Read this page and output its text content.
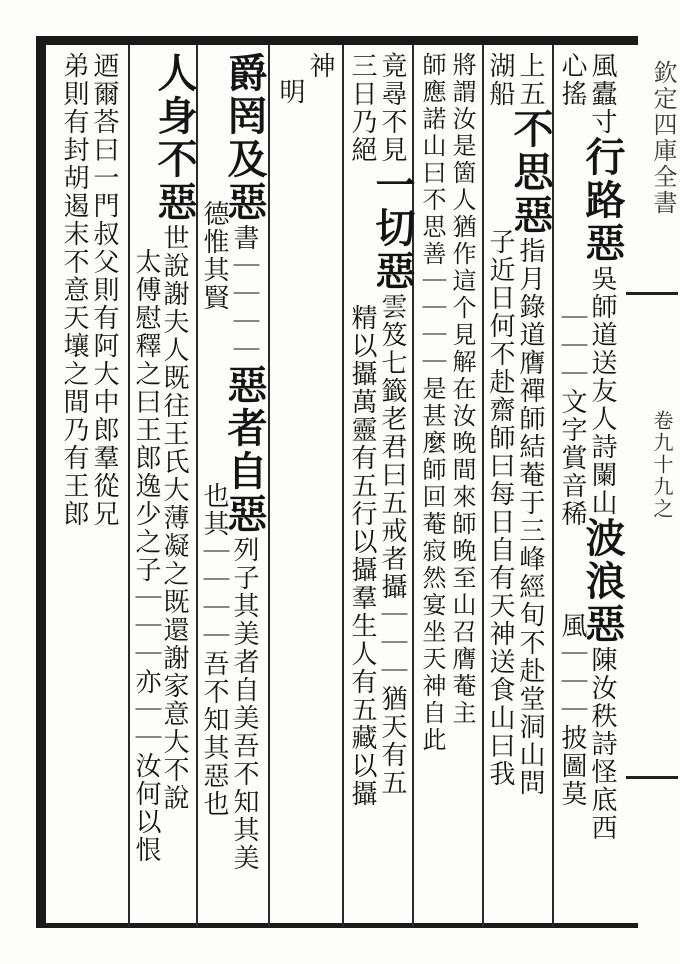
欽定四庫全書
卷九十九之
風蠹寸行路惡吳師道送友人詩闌山波浪惡陳汝秩詩怪底西
心搖｜｜｜文字賞音稀風｜｜｜披圖莫
上五不思惡指月錄道膺禪師結菴于三峰經旬不赴堂洞山問
湖船子近日何不赴齋師曰每日自有天神送食山曰我
將謂汝是箇人猶作這个見解在汝晚間來師晚至山召膺菴主
師應諾山曰不思善｜｜｜｜是甚麼師回菴寂然宴坐天神自此
竟尋不見一切惡雲笈七籤老君曰五戒者攝｜｜｜猶天有五
三日乃絕精以攝萬靈有五行以攝羣生人有五藏以攝
神
明
爵罔及惡書｜｜｜｜惡者自惡列子其美者自美吾不知其美
德惟其賢也其｜｜｜｜吾不知其惡也
人身不惡世說謝夫人既往王氏大薄凝之既還謝家意大不說
太傅慰釋之曰王郎逸少之子｜｜｜亦｜｜汝何以恨
迺爾荅曰一門叔父則有阿大中郎羣從兄
弟則有封胡遏末不意天壤之間乃有王郎
